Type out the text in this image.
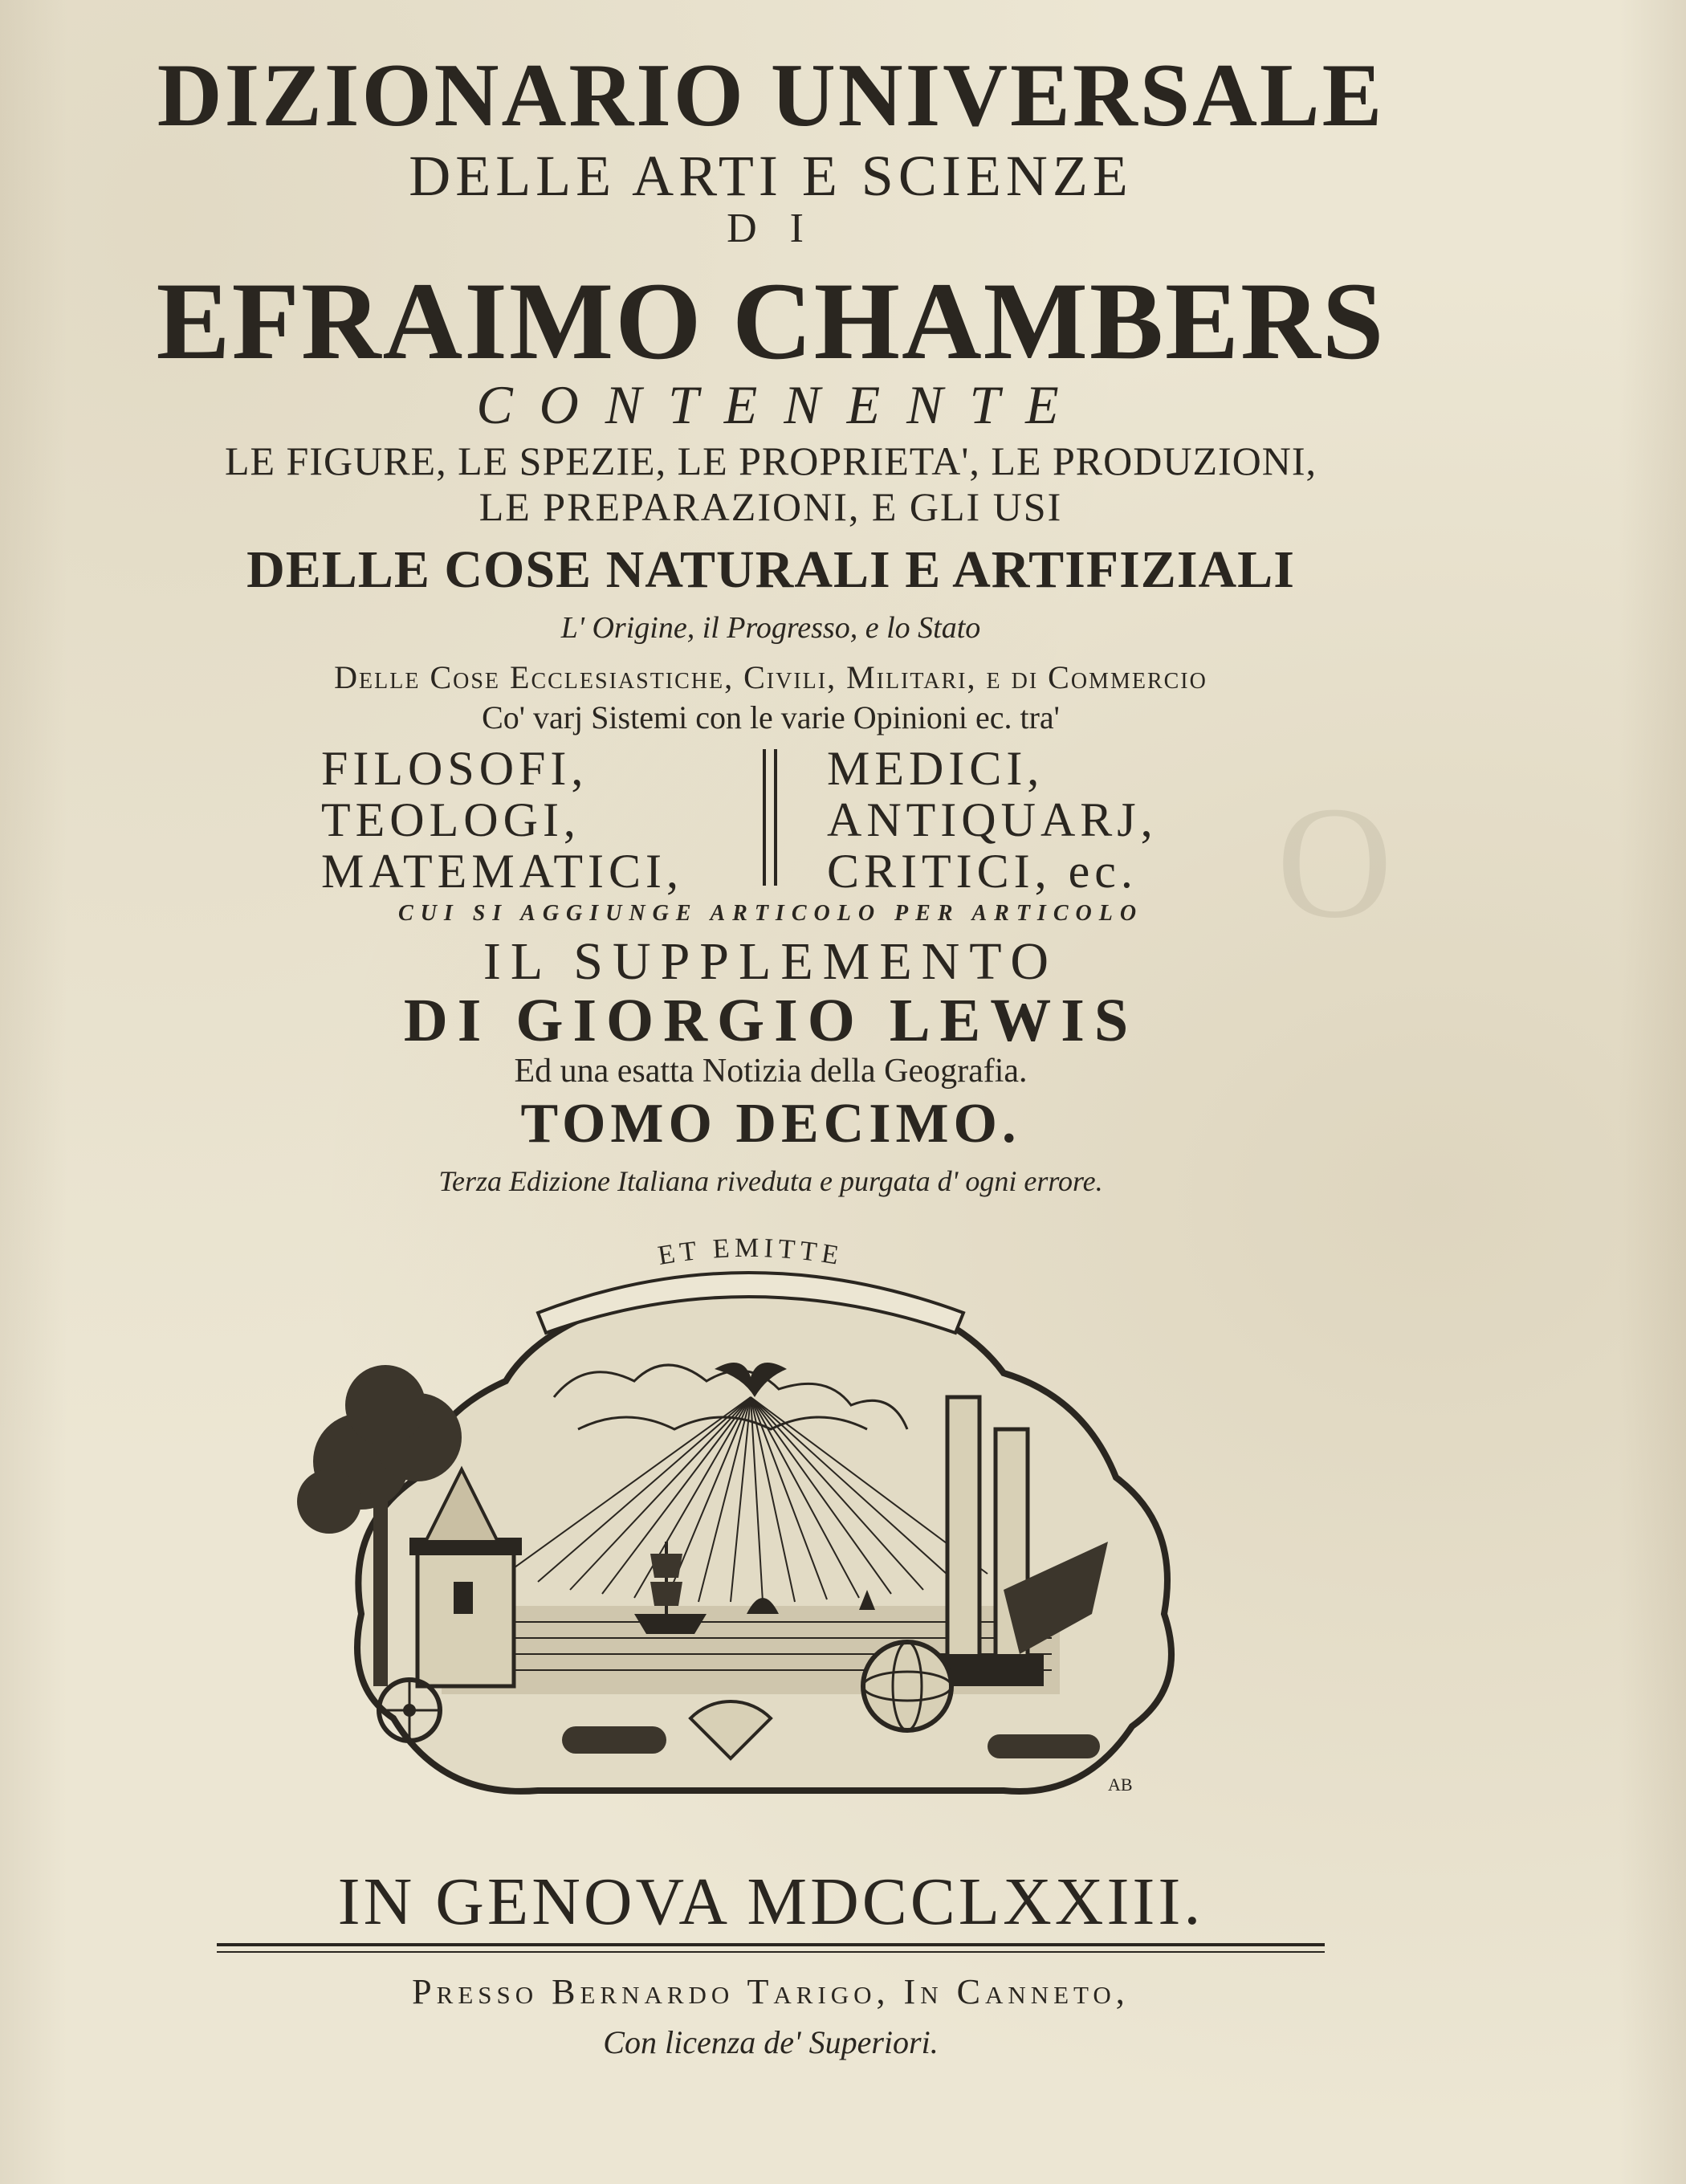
O
DIZIONARIO UNIVERSALE
DELLE ARTI E SCIENZE
D I
EFRAIMO CHAMBERS
C O N T E N E N T E
LE FIGURE, LE SPEZIE, LE PROPRIETA', LE PRODUZIONI,
LE PREPARAZIONI, E GLI USI
DELLE COSE NATURALI E ARTIFIZIALI
L' Origine, il Progresso, e lo Stato
Delle Cose Ecclesiastiche, Civili, Militari, e di Commercio
Co' varj Sistemi con le varie Opinioni ec. tra'
FILOSOFI,
TEOLOGI,
MATEMATICI,
MEDICI,
ANTIQUARJ,
CRITICI, ec.
CUI SI AGGIUNGE ARTICOLO PER ARTICOLO
IL SUPPLEMENTO
DI GIORGIO LEWIS
Ed una esatta Notizia della Geografia.
TOMO DECIMO.
Terza Edizione Italiana riveduta e purgata d' ogni errore.
ET EMITTE
AB
IN GENOVA MDCCLXXIII.
Presso Bernardo Tarigo, In Canneto,
Con licenza de' Superiori.
